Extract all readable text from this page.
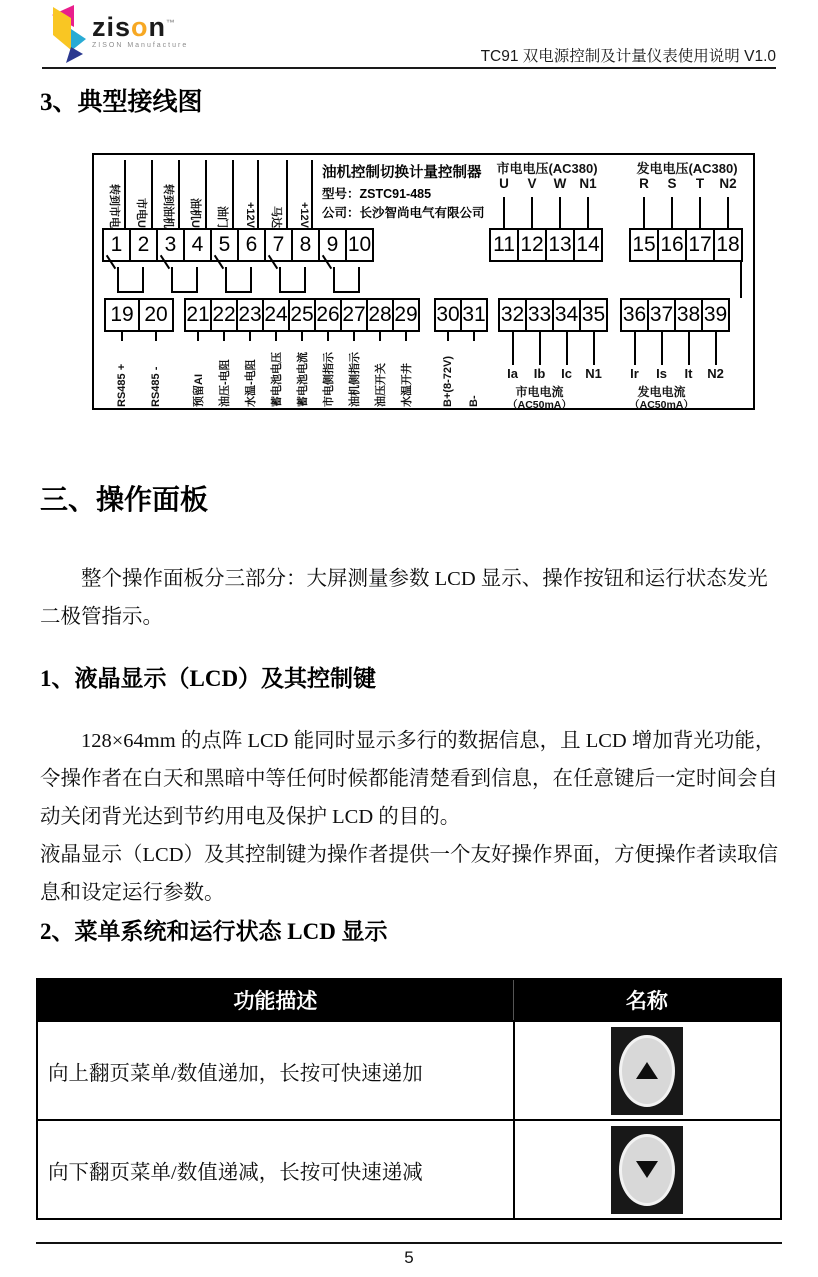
zison™
ZISON Manufacture
TC91 双电源控制及计量仪表使用说明 V1.0
3、典型接线图
油机控制切换计量控制器
型号：ZSTC91-485
公司：长沙智尚电气有限公司
1
转到市电
2
市电U
3
转到油机
4
油机U
5
油门
6
+12V
7
马达
8
+12V
9 10
市电电压(AC380)
11
U
12
V
13
W
14
N1
发电电压(AC380)
15
R
16
S
17
T
18
N2
19
RS485 +
20
RS485 -
21
预留AI
22
油压-电阻
23
水温-电阻
24
蓄电池电压
25
蓄电池电流
26
市电侧指示
27
油机侧指示
28
油压开关
29
水温开井
30
B+(8-72V)
31
B-
32
Ia
33
Ib
34
Ic
35
N1
市电电流
（AC50mA）
36
Ir
37
Is
38
It
39
N2
发电电流
（AC50mA）
三、操作面板
整个操作面板分三部分：大屏测量参数 LCD 显示、操作按钮和运行状态发光二极管指示。
1、液晶显示（LCD）及其控制键

128×64mm 的点阵 LCD 能同时显示多行的数据信息，且 LCD 增加背光功能，令操作者在白天和黑暗中等任何时候都能清楚看到信息，在任意键后一定时间会自动关闭背光达到节约用电及保护 LCD 的目的。

液晶显示（LCD）及其控制键为操作者提供一个友好操作界面，方便操作者读取信息和设定运行参数。

2、菜单系统和运行状态 LCD 显示
功能描述	名称
向上翻页菜单/数值递加，长按可快速递加
向下翻页菜单/数值递减，长按可快速递减
5
